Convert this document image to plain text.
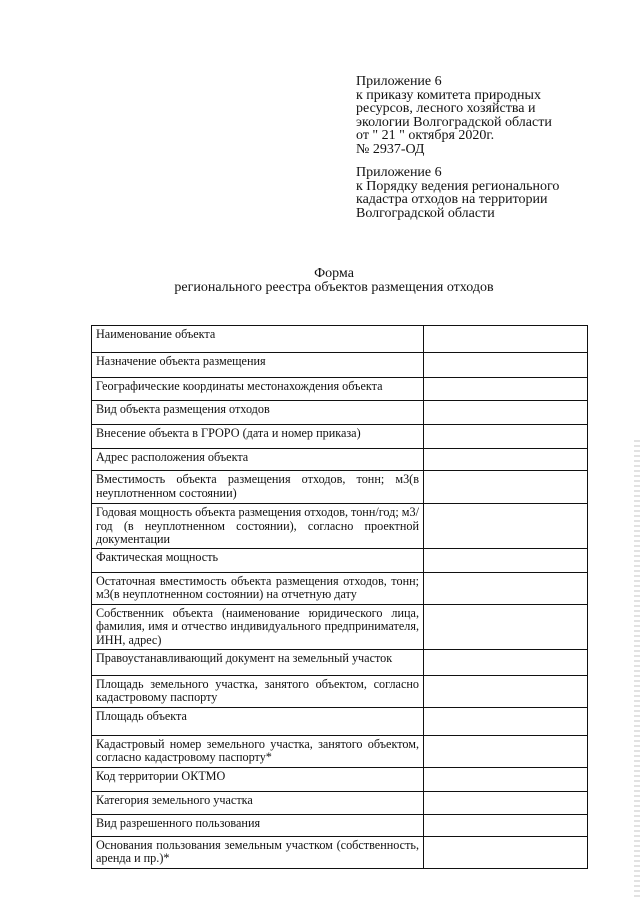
Приложение 6
к приказу комитета природных
ресурсов, лесного хозяйства и
экологии Волгоградской области
от " 21 " октября 2020г.
№ 2937-ОД
Приложение 6
к Порядку ведения регионального
кадастра отходов на территории
Волгоградской области
Форма
регионального реестра объектов размещения отходов
Наименование объекта	
Назначение объекта размещения	
Географические координаты местонахождения объекта	
Вид объекта размещения отходов	
Внесение объекта в ГРОРО (дата и номер приказа)	
Адрес расположения объекта	
Вместимость объекта размещения отходов, тонн; м3(в неуплотненном состоянии)	
Годовая мощность объекта размещения отходов, тонн/год; м3/год (в неуплотненном состоянии), согласно проектной документации	
Фактическая мощность	
Остаточная вместимость объекта размещения отходов, тонн; м3(в неуплотненном состоянии) на отчетную дату	
Собственник объекта (наименование юридического лица, фамилия, имя и отчество индивидуального предпринимателя, ИНН, адрес)	
Правоустанавливающий документ на земельный участок	
Площадь земельного участка, занятого объектом, согласно кадастровому паспорту	
Площадь объекта	
Кадастровый номер земельного участка, занятого объектом, согласно кадастровому паспорту*	
Код территории ОКТМО	
Категория земельного участка	
Вид разрешенного пользования	
Основания пользования земельным участком (собственность, аренда и пр.)*	
